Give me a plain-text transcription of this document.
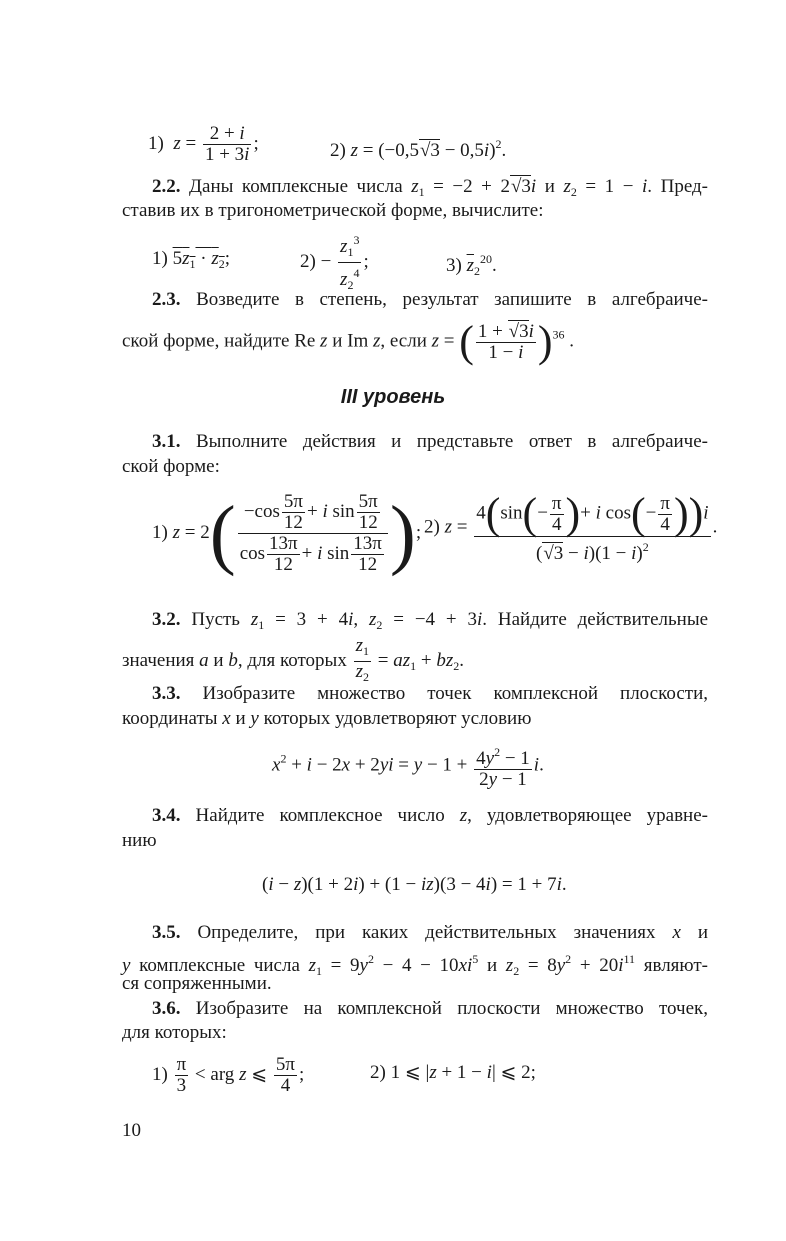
1)  $z = \frac{2 + i}{1 + 3i}$ ;	2) $z = (-0,5√3 - 0,5i)^2$.
2.2. Даны комплексные числа $z_1 = -2 + 2√3i$ и $z_2 = 1 - i$. Пред-
ставив их в тригонометрической форме, вычислите:
1) $5z_1 \cdot z_2$;	$2) - \frac{z_1^3}{z_2^4}$ ;	3) $\overline{z}_2^{20}$.
2.3. Возведите в степень, результат запишите в алгебраиче-
ской форме, найдите Re z и Im z, если z = ( $\frac{1 + √3i}{1 - i} )^{36}$ .
III уровень
3.1. Выполните действия и представьте ответ в алгебраиче-
ской форме:
1) $z = 2( \frac{-\cos \frac{5\pi}{12} + i \sin \frac{5\pi}{12}}{\cos \frac{13\pi}{12} + i \sin \frac{13\pi}{12}}$ ); 2) $z = \frac{4(\sin(- \frac{\pi}{4} )+ i \cos(- \frac{\pi}{4} ))i}{(√3 - i)(1 - i)^2}$ .
3.2. Пусть $z_1 = 3 + 4i$, $z_2 = -4 + 3i$. Найдите действительные
значения a и b, для которых $\frac{z_1}{z_2} = az_1 + bz_2$.
3.3. Изобразите множество точек комплексной плоскости,
координаты x и y которых удовлетворяют условию
$x^2 + i - 2x + 2yi = y - 1 + \frac{4y^2 - 1}{2y - 1} i$.
3.4. Найдите комплексное число z, удовлетворяющее уравне-
нию
(i − z)(1 + 2i) + (1 − iz)(3 − 4i) = 1 + 7i.
3.5. Определите, при каких действительных значениях x и
y комплексные числа $z_1 = 9y^2 - 4 - 10xi^5$ и $z_2 = 8y^2 + 20i^{11}$ являют-
ся сопряженными.
3.6. Изобразите на комплексной плоскости множество точек,
для которых:
$1) \frac{\pi}{3}$ < arg z ⩽ $\frac{5\pi}{4}$ ;	2) 1 ⩽ |z + 1 − i| ⩽ 2;
10
